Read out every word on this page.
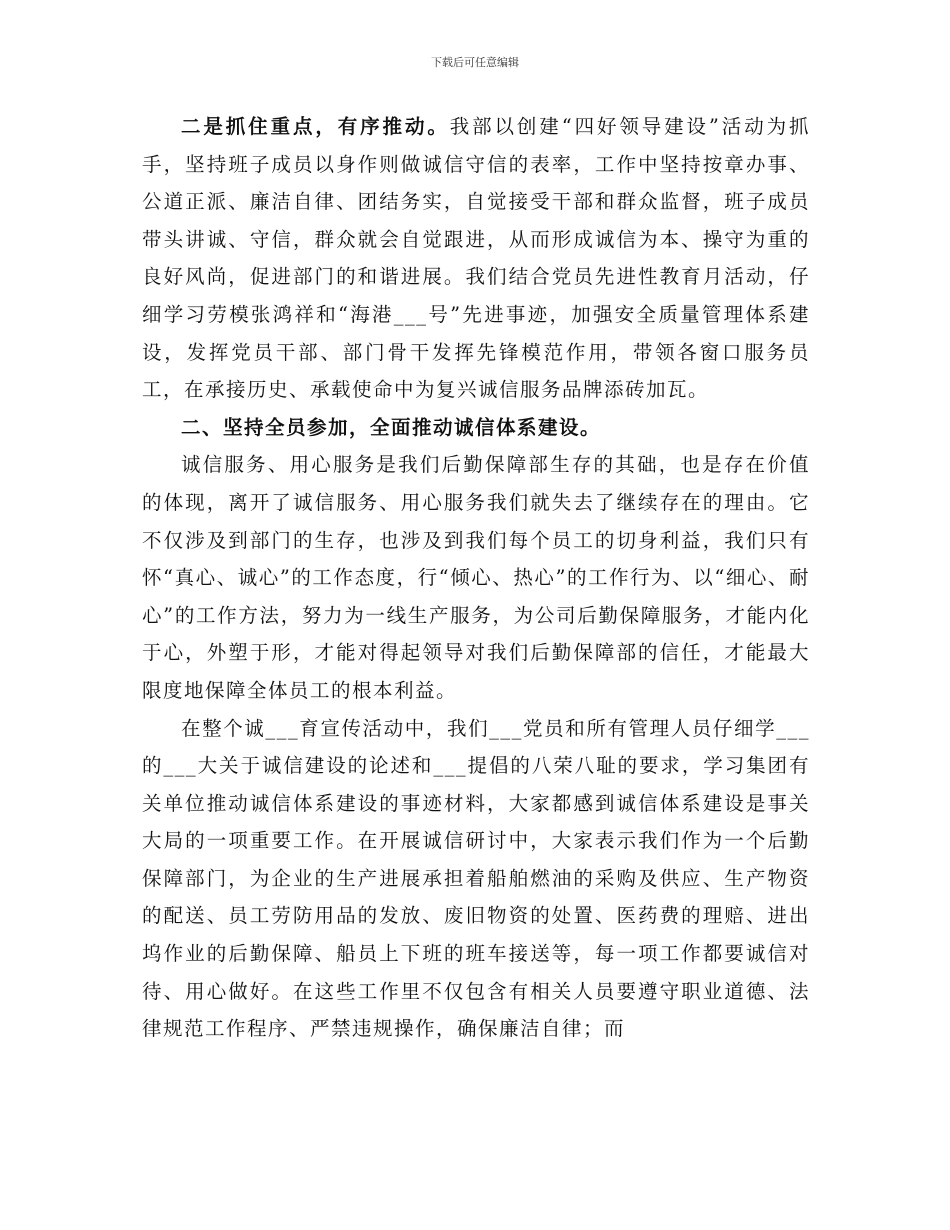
下载后可任意编辑

二是抓住重点，有序推动。我部以创建“四好领导建设”活动为抓手，坚持班子成员以身作则做诚信守信的表率，工作中坚持按章办事、公道正派、廉洁自律、团结务实，自觉接受干部和群众监督，班子成员带头讲诚、守信，群众就会自觉跟进，从而形成诚信为本、操守为重的良好风尚，促进部门的和谐进展。我们结合党员先进性教育月活动，仔细学习劳模张鸿祥和“海港___号”先进事迹，加强安全质量管理体系建设，发挥党员干部、部门骨干发挥先锋模范作用，带领各窗口服务员工，在承接历史、承载使命中为复兴诚信服务品牌添砖加瓦。

二、坚持全员参加，全面推动诚信体系建设。

诚信服务、用心服务是我们后勤保障部生存的其础，也是存在价值的体现，离开了诚信服务、用心服务我们就失去了继续存在的理由。它不仅涉及到部门的生存，也涉及到我们每个员工的切身利益，我们只有怀“真心、诚心”的工作态度，行“倾心、热心”的工作行为、以“细心、耐心”的工作方法，努力为一线生产服务，为公司后勤保障服务，才能内化于心，外塑于形，才能对得起领导对我们后勤保障部的信任，才能最大限度地保障全体员工的根本利益。

在整个诚___育宣传活动中，我们___党员和所有管理人员仔细学___的___大关于诚信建设的论述和___提倡的八荣八耻的要求，学习集团有关单位推动诚信体系建设的事迹材料，大家都感到诚信体系建设是事关大局的一项重要工作。在开展诚信研讨中，大家表示我们作为一个后勤保障部门，为企业的生产进展承担着船舶燃油的采购及供应、生产物资的配送、员工劳防用品的发放、废旧物资的处置、医药费的理赔、进出坞作业的后勤保障、船员上下班的班车接送等，每一项工作都要诚信对待、用心做好。在这些工作里不仅包含有相关人员要遵守职业道德、法律规范工作程序、严禁违规操作，确保廉洁自律；而
